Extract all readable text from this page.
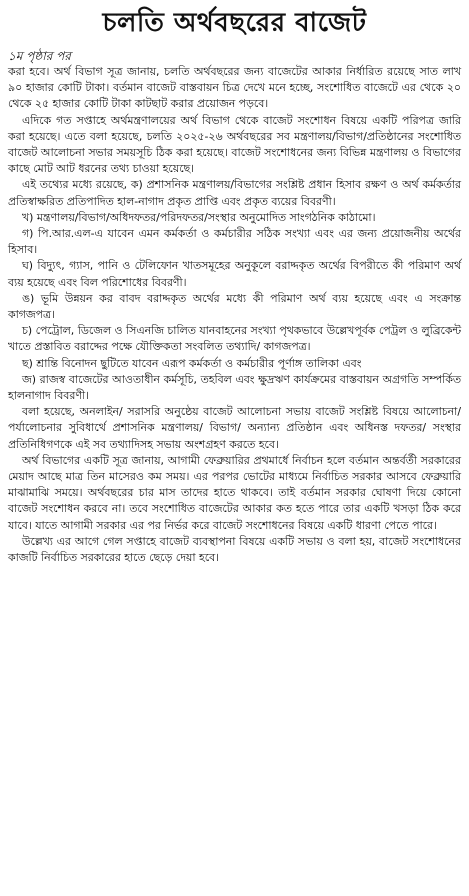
চলতি অর্থবছরের বাজেট

১ম পৃষ্ঠার পর

করা হবে। অর্থ বিভাগ সূত্র জানায়, চলতি অর্থবছরের জন্য বাজেটের আকার নির্ধারিত রয়েছে সাত লাখ ৯০ হাজার কোটি টাকা। বর্তমান বাজেট বাস্তবায়ন চিত্র দেখে মনে হচ্ছে, সংশোধিত বাজেটে এর থেকে ২০ থেকে ২৫ হাজার কোটি টাকা কাটছাট করার প্রয়োজন পড়বে।

এদিকে গত সপ্তাহে অর্থমন্ত্রণালয়ের অর্থ বিভাগ থেকে বাজেট সংশোধন বিষয়ে একটি পরিপত্র জারি করা হয়েছে। এতে বলা হয়েছে, চলতি ২০২৫-২৬ অর্থবছরের সব মন্ত্রণালয়/বিভাগ/প্রতিষ্ঠানের সংশোধিত বাজেট আলোচনা সভার সময়সূচি ঠিক করা হয়েছে। বাজেট সংশোধনের জন্য বিভিন্ন মন্ত্রণালয় ও বিভাগের কাছে মোট আট ধরনের তথ্য চাওয়া হয়েছে।

এই তথ্যের মধ্যে রয়েছে, ক) প্রশাসনিক মন্ত্রণালয়/বিভাগের সংশ্লিষ্ট প্রধান হিসাব রক্ষণ ও অর্থ কর্মকর্তার প্রতিস্বাক্ষরিত প্রতিপাদিত হাল-নাগাদ প্রকৃত প্রাপ্তি এবং প্রকৃত ব্যয়ের বিবরণী।

খ) মন্ত্রণালয়/বিভাগ/অধিদফতর/পরিদফতর/সংস্থার অনুমোদিত সাংগঠনিক কাঠামো।

গ) পি.আর.এল-এ যাবেন এমন কর্মকর্তা ও কর্মচারীর সঠিক সংখ্যা এবং এর জন্য প্রয়োজনীয় অর্থের হিসাব।

ঘ) বিদ্যুৎ, গ্যাস, পানি ও টেলিফোন খাতসমূহের অনুকূলে বরাদ্দকৃত অর্থের বিপরীতে কী পরিমাণ অর্থ ব্যয় হয়েছে এবং বিল পরিশোধের বিবরণী।

ঙ) ভূমি উন্নয়ন কর বাবদ বরাদ্দকৃত অর্থের মধ্যে কী পরিমাণ অর্থ ব্যয় হয়েছে এবং এ সংক্রান্ত কাগজপত্র।

চ) পেট্রোল, ডিজেল ও সিএনজি চালিত যানবাহনের সংখ্যা পৃথকভাবে উল্লেখপূর্বক পেট্রল ও লুব্রিকেন্ট খাতে প্রস্তাবিত বরাদ্দের পক্ষে যৌক্তিকতা সংবলিত তথ্যাদি/ কাগজপত্র।

ছ) শ্রান্তি বিনোদন ছুটিতে যাবেন এরূপ কর্মকর্তা ও কর্মচারীর পূর্ণাঙ্গ তালিকা এবং

জ) রাজস্ব বাজেটের আওতাধীন কর্মসূচি, তহবিল এবং ক্ষুদ্রঋণ কার্যক্রমের বাস্তবায়ন অগ্রগতি সম্পর্কিত হালনাগাদ বিবরণী।

বলা হয়েছে, অনলাইন/ সরাসরি অনুষ্ঠেয় বাজেট আলোচনা সভায় বাজেট সংশ্লিষ্ট বিষয়ে আলোচনা/পর্যালোচনার সুবিধার্থে প্রশাসনিক মন্ত্রণালয়/ বিভাগ/ অন্যান্য প্রতিষ্ঠান এবং অধিনস্ত দফতর/ সংস্থার প্রতিনিধিগণকে এই সব তথ্যাদিসহ সভায় অংশগ্রহণ করতে হবে।

অর্থ বিভাগের একটি সূত্র জানায়, আগামী ফেব্রুয়ারির প্রথমার্ধে নির্বাচন হলে বর্তমান অন্তর্বর্তী সরকারের মেয়াদ আছে মাত্র তিন মাসেরও কম সময়। এর পরপর ভোটের মাধ্যমে নির্বাচিত সরকার আসবে ফেব্রুয়ারি মাঝামাঝি সময়ে। অর্থবছরের চার মাস তাদের হাতে থাকবে। তাই বর্তমান সরকার ঘোষণা দিয়ে কোনো বাজেট সংশোধন করবে না। তবে সংশোধিত বাজেটের আকার কত হতে পারে তার একটি খসড়া ঠিক করে যাবে। যাতে আগামী সরকার এর পর নির্ভর করে বাজেট সংশোধনের বিষয়ে একটি ধারণা পেতে পারে।

উল্লেখ্য এর আগে গেল সপ্তাহে বাজেট ব্যবস্থাপনা বিষয়ে একটি সভায় ও বলা হয়, বাজেট সংশোধনের কাজটি নির্বাচিত সরকারের হাতে ছেড়ে দেয়া হবে।
